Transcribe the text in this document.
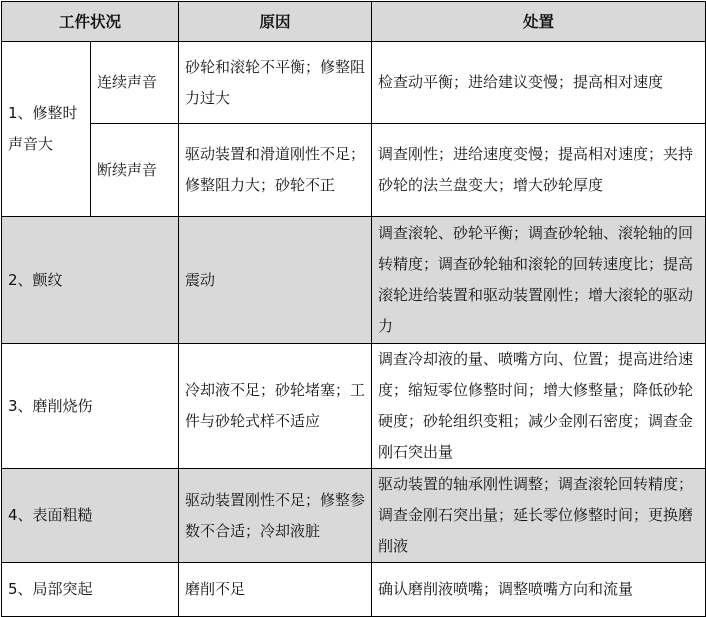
工件状况		原因	处置
1、修整时声音大	连续声音	砂轮和滚轮不平衡；修整阻力过大	检查动平衡；进给建议变慢；提高相对速度
	断续声音	驱动装置和滑道刚性不足；修整阻力大；砂轮不正	调查刚性；进给速度变慢；提高相对速度；夹持砂轮的法兰盘变大；增大砂轮厚度
2、颤纹		震动	调查滚轮、砂轮平衡；调查砂轮轴、滚轮轴的回转精度；调查砂轮轴和滚轮的回转速度比；提高滚轮进给装置和驱动装置刚性；增大滚轮的驱动力
3、磨削烧伤		冷却液不足；砂轮堵塞；工件与砂轮式样不适应	调查冷却液的量、喷嘴方向、位置；提高进给速度；缩短零位修整时间；增大修整量；降低砂轮硬度；砂轮组织变粗；减少金刚石密度；调查金刚石突出量
4、表面粗糙		驱动装置刚性不足；修整参数不合适；冷却液脏	驱动装置的轴承刚性调整；调查滚轮回转精度；调查金刚石突出量；延长零位修整时间；更换磨削液
5、局部突起		磨削不足	确认磨削液喷嘴；调整喷嘴方向和流量
